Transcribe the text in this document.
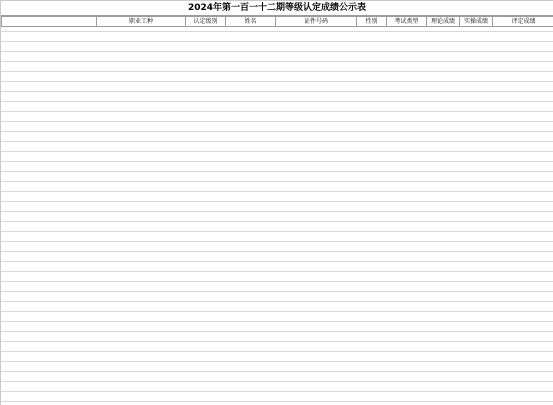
2024年第一百一十二期等级认定成绩公示表
	职业工种	认定级别	姓名	证件号码	性别	考试类型	理论成绩	实操成绩	评定成绩
